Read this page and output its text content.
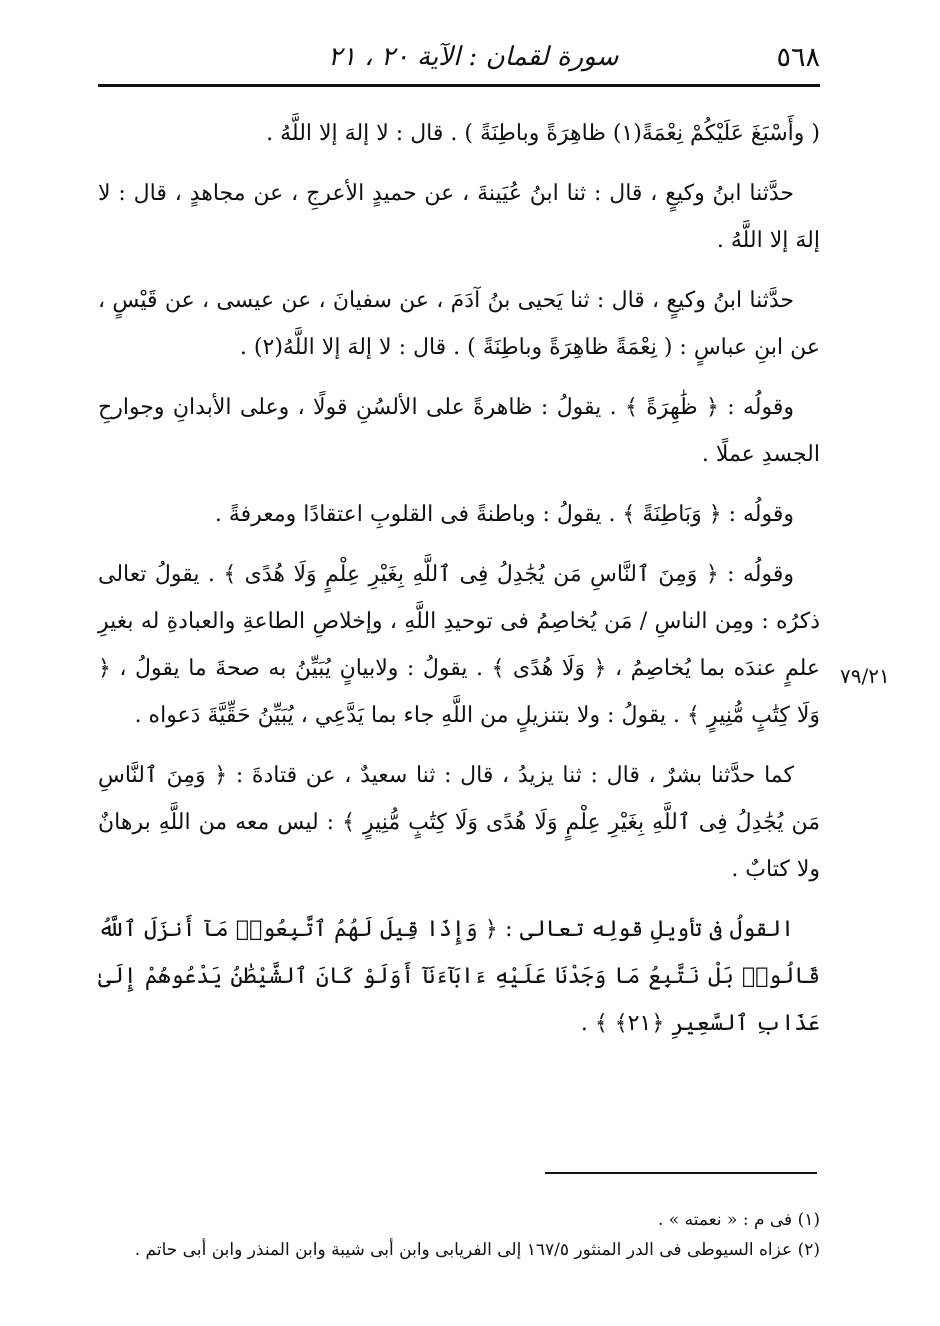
٥٦٨
سورة لقمان : الآية ٢٠ ، ٢١

( وأَسْبَغَ عَلَيْكُمْ نِعْمَةً(١) ظاهِرَةً وباطِنَةً ) . قال : لا إلهَ إلا اللَّهُ .

حدَّثنا ابنُ وكيعٍ ، قال : ثنا ابنُ عُيَينةَ ، عن حميدٍ الأعرجِ ، عن مجاهدٍ ، قال : لا إلهَ إلا اللَّهُ .

حدَّثنا ابنُ وكيعٍ ، قال : ثنا يَحيى بنُ آدَمَ ، عن سفيانَ ، عن عيسى ، عن قَيْسٍ ، عن ابنِ عباسٍ : ( نِعْمَةً ظاهِرَةً وباطِنَةً ) . قال : لا إلهَ إلا اللَّهُ(٢) .

وقولُه : ﴿ ظَٰهِرَةً ﴾ . يقولُ : ظاهرةً على الألسُنِ قولًا ، وعلى الأبدانِ وجوارحِ الجسدِ عملًا .

وقولُه : ﴿ وَبَاطِنَةً ﴾ . يقولُ : وباطنةً فى القلوبِ اعتقادًا ومعرفةً .

وقولُه : ﴿ وَمِنَ ٱلنَّاسِ مَن يُجَٰدِلُ فِى ٱللَّهِ بِغَيْرِ عِلْمٍ وَلَا هُدًى ﴾ . يقولُ تعالى ذكرُه : ومِن الناسِ / مَن يُخاصِمُ فى توحيدِ اللَّهِ ، وإخلاصِ الطاعةِ والعبادةِ له بغيرِ علمٍ عندَه بما يُخاصِمُ ، ﴿ وَلَا هُدًى ﴾ . يقولُ : ولابيانٍ يُبَيِّنُ به صحةَ ما يقولُ ، ﴿ وَلَا كِتَٰبٍ مُّنِيرٍ ﴾ . يقولُ : ولا بتنزيلٍ من اللَّهِ جاء بما يَدَّعِي ، يُبَيِّنُ حَقِّيَّةَ دَعواه .

كما حدَّثنا بشرٌ ، قال : ثنا يزيدُ ، قال : ثنا سعيدٌ ، عن قتادةَ : ﴿ وَمِنَ ٱلنَّاسِ مَن يُجَٰدِلُ فِى ٱللَّهِ بِغَيْرِ عِلْمٍ وَلَا هُدًى وَلَا كِتَٰبٍ مُّنِيرٍ ﴾ : ليس معه من اللَّهِ برهانٌ ولا كتابٌ .

القولُ فى تأويلِ قولِه تعالى : ﴿ وَإِذَا قِيلَ لَهُمُ ٱتَّبِعُوا۟ مَآ أَنزَلَ ٱللَّهُ قَالُوا۟ بَلْ نَتَّبِعُ مَا وَجَدْنَا عَلَيْهِ ءَابَآءَنَآ أَوَلَوْ كَانَ ٱلشَّيْطَٰنُ يَدْعُوهُمْ إِلَىٰ عَذَابِ ٱلسَّعِيرِ ﴿٢١﴾ ﴾ .

٧٩/٢١
(١) فى م : « نعمته » .
(٢) عزاه السيوطى فى الدر المنثور ١٦٧/٥ إلى الفريابى وابن أبى شيبة وابن المنذر وابن أبى حاتم .
